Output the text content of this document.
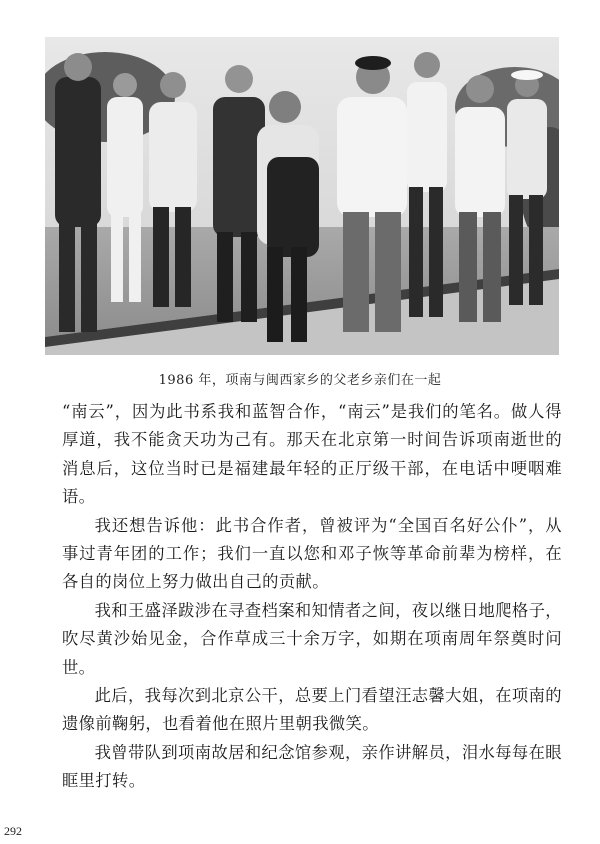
1986 年，项南与闽西家乡的父老乡亲们在一起

“南云”，因为此书系我和蓝智合作，“南云”是我们的笔名。做人得厚道，我不能贪天功为己有。那天在北京第一时间告诉项南逝世的消息后，这位当时已是福建最年轻的正厅级干部，在电话中哽咽难语。

我还想告诉他：此书合作者，曾被评为“全国百名好公仆”，从事过青年团的工作；我们一直以您和邓子恢等革命前辈为榜样，在各自的岗位上努力做出自己的贡献。

我和王盛泽跋涉在寻查档案和知情者之间，夜以继日地爬格子，吹尽黄沙始见金，合作草成三十余万字，如期在项南周年祭奠时问世。

此后，我每次到北京公干，总要上门看望汪志馨大姐，在项南的遗像前鞠躬，也看着他在照片里朝我微笑。

我曾带队到项南故居和纪念馆参观，亲作讲解员，泪水每每在眼眶里打转。

292
